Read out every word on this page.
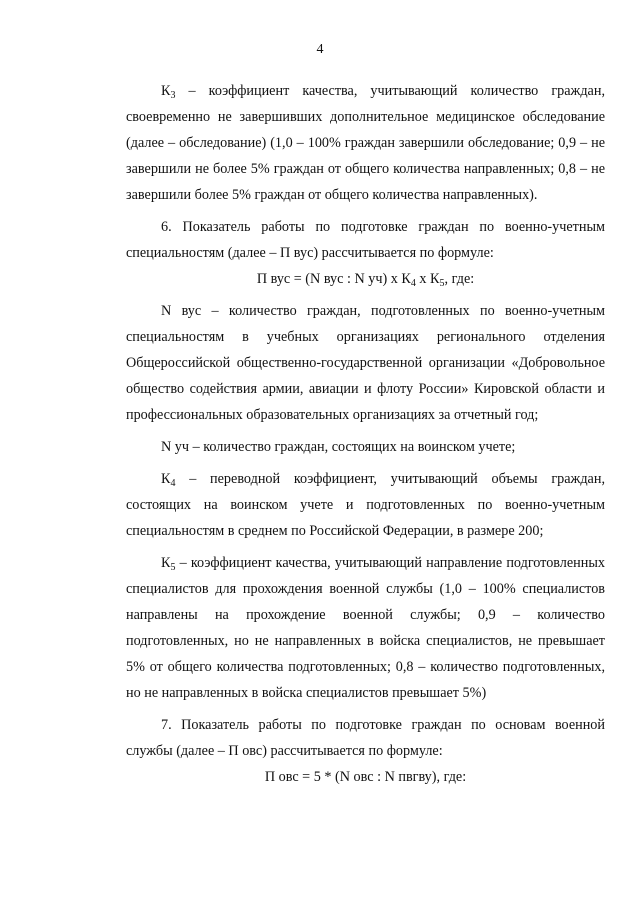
4

$К_3$ – коэффициент качества, учитывающий количество граждан, своевременно не завершивших дополнительное медицинское обследование (далее – обследование) (1,0 – 100% граждан завершили обследование; 0,9 – не завершили не более 5% граждан от общего количества направленных; 0,8 – не завершили более 5% граждан от общего количества направленных).

6. Показатель работы по подготовке граждан по военно-учетным специальностям (далее – П вус) рассчитывается по формуле:

П вус = (N вус : N уч) х $К_4$ х $К_5$, где:

N вус – количество граждан, подготовленных по военно-учетным специальностям в учебных организациях регионального отделения Общероссийской общественно-государственной организации «Добровольное общество содействия армии, авиации и флоту России» Кировской области и профессиональных образовательных организациях за отчетный год;

N уч – количество граждан, состоящих на воинском учете;

$К_4$ – переводной коэффициент, учитывающий объемы граждан, состоящих на воинском учете и подготовленных по военно-учетным специальностям в среднем по Российской Федерации, в размере 200;

$К_5$ – коэффициент качества, учитывающий направление подготовленных специалистов для прохождения военной службы (1,0 – 100% специалистов направлены на прохождение военной службы; 0,9 – количество подготовленных, но не направленных в войска специалистов, не превышает 5% от общего количества подготовленных; 0,8 – количество подготовленных, но не направленных в войска специалистов превышает 5%)

7. Показатель работы по подготовке граждан по основам военной службы (далее – П овс) рассчитывается по формуле:

П овс = 5 * (N овс : N пвгву), где:
